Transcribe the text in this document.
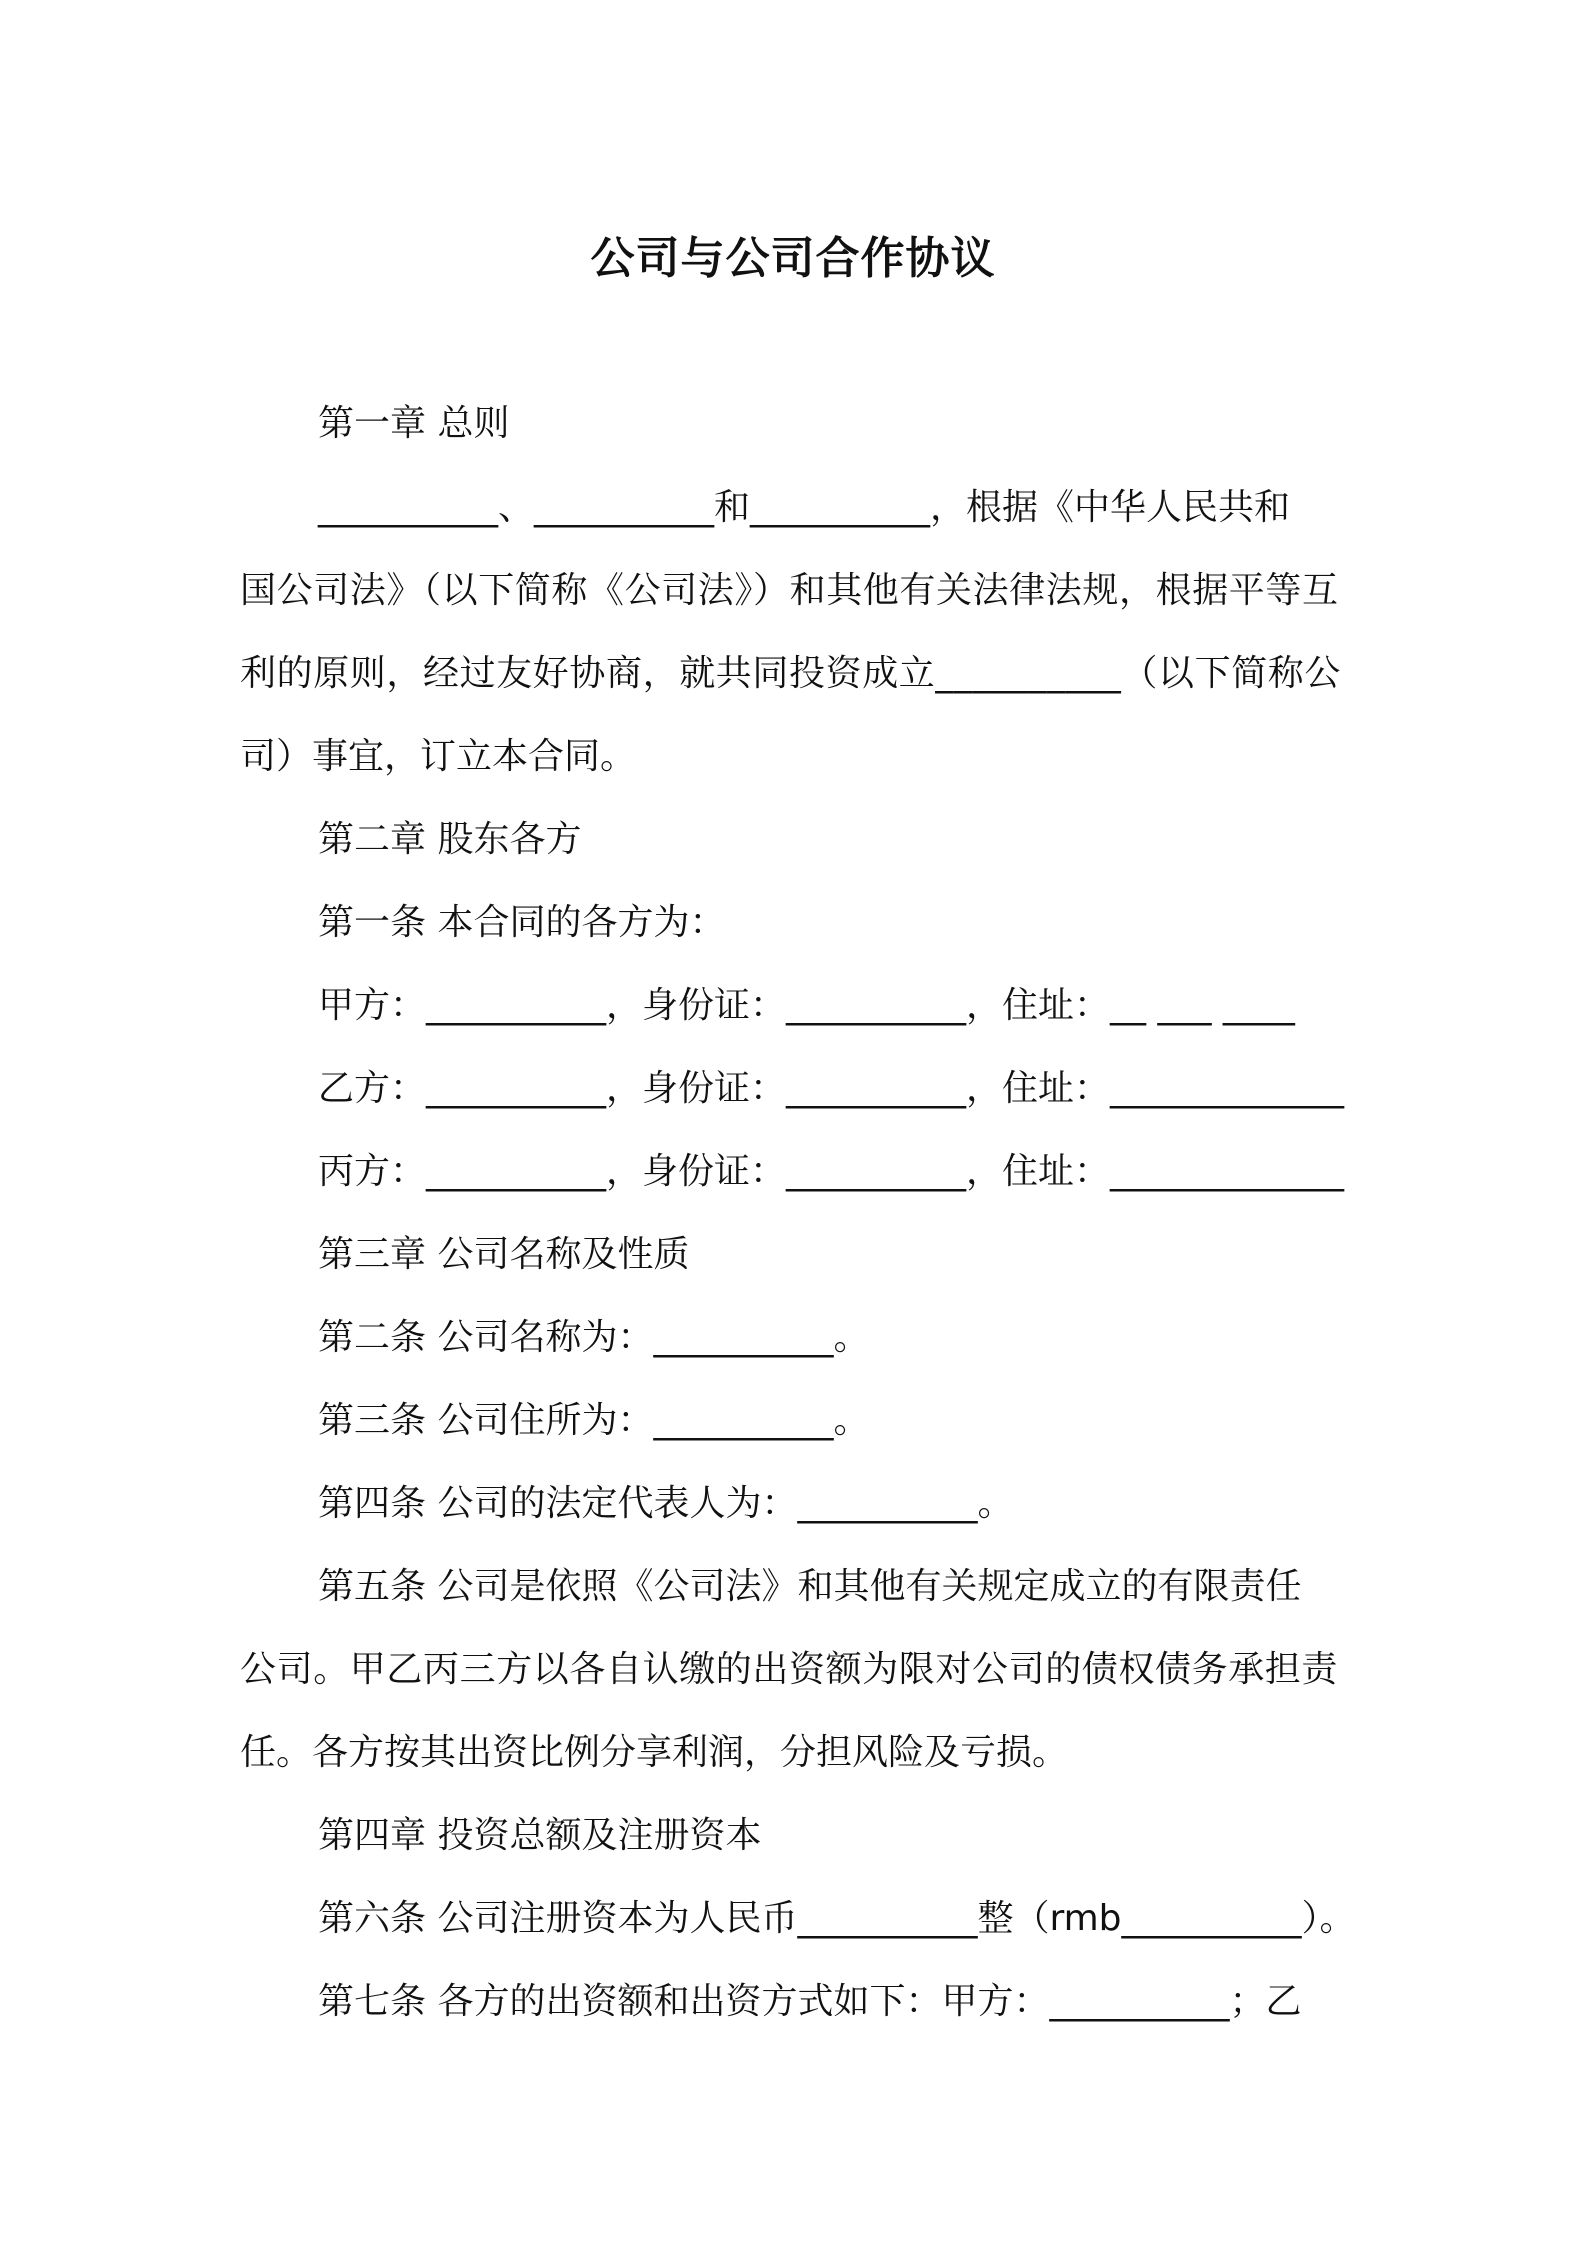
公司与公司合作协议
第一章 总则
__________、__________和__________，根据《中华人民共和
国公司法》（以下简称《公司法》）和其他有关法律法规，根据平等互
利的原则，经过友好协商，就共同投资成立__________（以下简称公
司）事宜，订立本合同。
第二章 股东各方
第一条 本合同的各方为：
甲方：__________，身份证：__________，住址：__ ___ ____
乙方：__________，身份证：__________，住址：_____________
丙方：__________，身份证：__________，住址：_____________
第三章 公司名称及性质
第二条 公司名称为：__________。
第三条 公司住所为：__________。
第四条 公司的法定代表人为：__________。
第五条 公司是依照《公司法》和其他有关规定成立的有限责任
公司。甲乙丙三方以各自认缴的出资额为限对公司的债权债务承担责
任。各方按其出资比例分享利润，分担风险及亏损。
第四章 投资总额及注册资本
第六条 公司注册资本为人民币__________整（rmb__________）。
第七条 各方的出资额和出资方式如下：甲方：__________；乙
